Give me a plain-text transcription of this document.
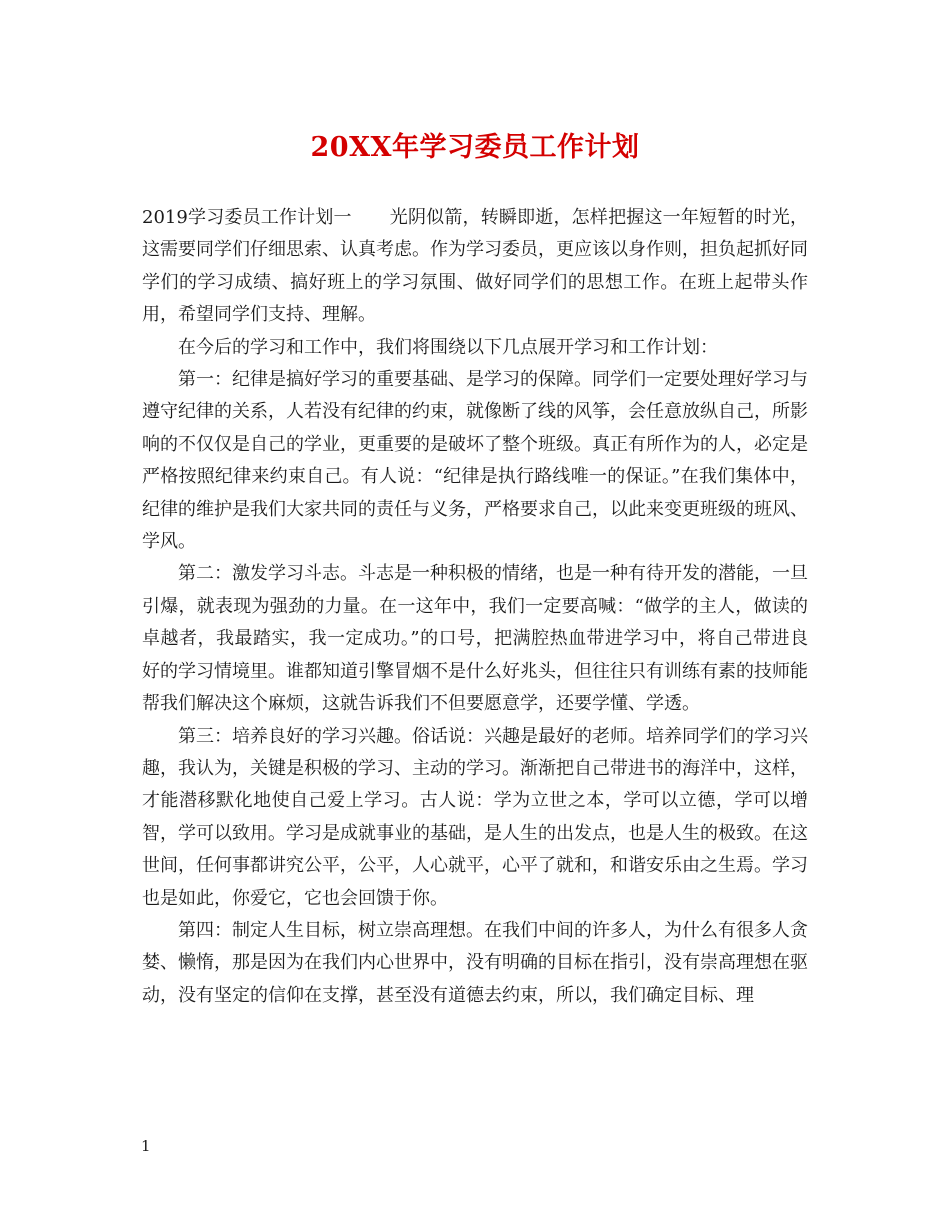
20XX年学习委员工作计划

2019学习委员工作计划一 光阴似箭，转瞬即逝，怎样把握这一年短暂的时光，这需要同学们仔细思索、认真考虑。作为学习委员，更应该以身作则，担负起抓好同学们的学习成绩、搞好班上的学习氛围、做好同学们的思想工作。在班上起带头作用，希望同学们支持、理解。

在今后的学习和工作中，我们将围绕以下几点展开学习和工作计划：

第一：纪律是搞好学习的重要基础、是学习的保障。同学们一定要处理好学习与遵守纪律的关系，人若没有纪律的约束，就像断了线的风筝，会任意放纵自己，所影响的不仅仅是自己的学业，更重要的是破坏了整个班级。真正有所作为的人，必定是严格按照纪律来约束自己。有人说：“纪律是执行路线唯一的保证。”在我们集体中，纪律的维护是我们大家共同的责任与义务，严格要求自己，以此来变更班级的班风、学风。

第二：激发学习斗志。斗志是一种积极的情绪，也是一种有待开发的潜能，一旦引爆，就表现为强劲的力量。在一这年中，我们一定要高喊：“做学的主人，做读的卓越者，我最踏实，我一定成功。”的口号，把满腔热血带进学习中，将自己带进良好的学习情境里。谁都知道引擎冒烟不是什么好兆头，但往往只有训练有素的技师能帮我们解决这个麻烦，这就告诉我们不但要愿意学，还要学懂、学透。

第三：培养良好的学习兴趣。俗话说：兴趣是最好的老师。培养同学们的学习兴趣，我认为，关键是积极的学习、主动的学习。渐渐把自己带进书的海洋中，这样，才能潜移默化地使自己爱上学习。古人说：学为立世之本，学可以立德，学可以增智，学可以致用。学习是成就事业的基础，是人生的出发点，也是人生的极致。在这世间，任何事都讲究公平，公平，人心就平，心平了就和，和谐安乐由之生焉。学习也是如此，你爱它，它也会回馈于你。

第四：制定人生目标，树立崇高理想。在我们中间的许多人，为什么有很多人贪婪、懒惰，那是因为在我们内心世界中，没有明确的目标在指引，没有崇高理想在驱动，没有坚定的信仰在支撑，甚至没有道德去约束，所以，我们确定目标、理

1
